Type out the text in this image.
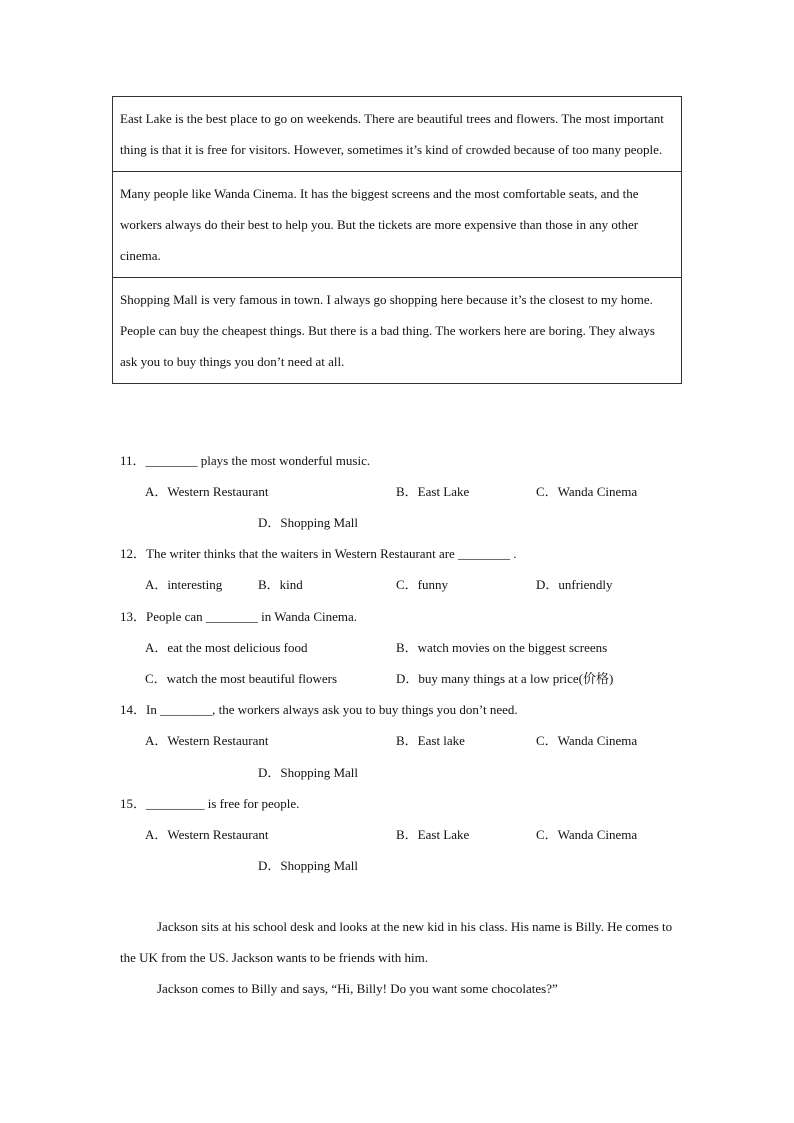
East Lake is the best place to go on weekends. There are beautiful trees and flowers. The most important thing is that it is free for visitors. However, sometimes it’s kind of crowded because of too many people.
Many people like Wanda Cinema. It has the biggest screens and the most comfortable seats, and the workers always do their best to help you. But the tickets are more expensive than those in any other cinema.
Shopping Mall is very famous in town. I always go shopping here because it’s the closest to my home. People can buy the cheapest things. But there is a bad thing. The workers here are boring. They always ask you to buy things you don’t need at all.
11．________ plays the most wonderful music.
A．Western Restaurant	B．East Lake	C．Wanda Cinema
D．Shopping Mall
12．The writer thinks that the waiters in Western Restaurant are ________ .
A．interesting	B．kind	C．funny	D．unfriendly
13．People can ________ in Wanda Cinema.
A．eat the most delicious food	B．watch movies on the biggest screens
C．watch the most beautiful flowers	D．buy many things at a low price(价格)
14．In ________, the workers always ask you to buy things you don’t need.
A．Western Restaurant	B．East lake	C．Wanda Cinema
D．Shopping Mall
15．_________ is free for people.
A．Western Restaurant	B．East Lake	C．Wanda Cinema
D．Shopping Mall
Jackson sits at his school desk and looks at the new kid in his class. His name is Billy. He comes to the UK from the US. Jackson wants to be friends with him.
Jackson comes to Billy and says, “Hi, Billy! Do you want some chocolates?”
